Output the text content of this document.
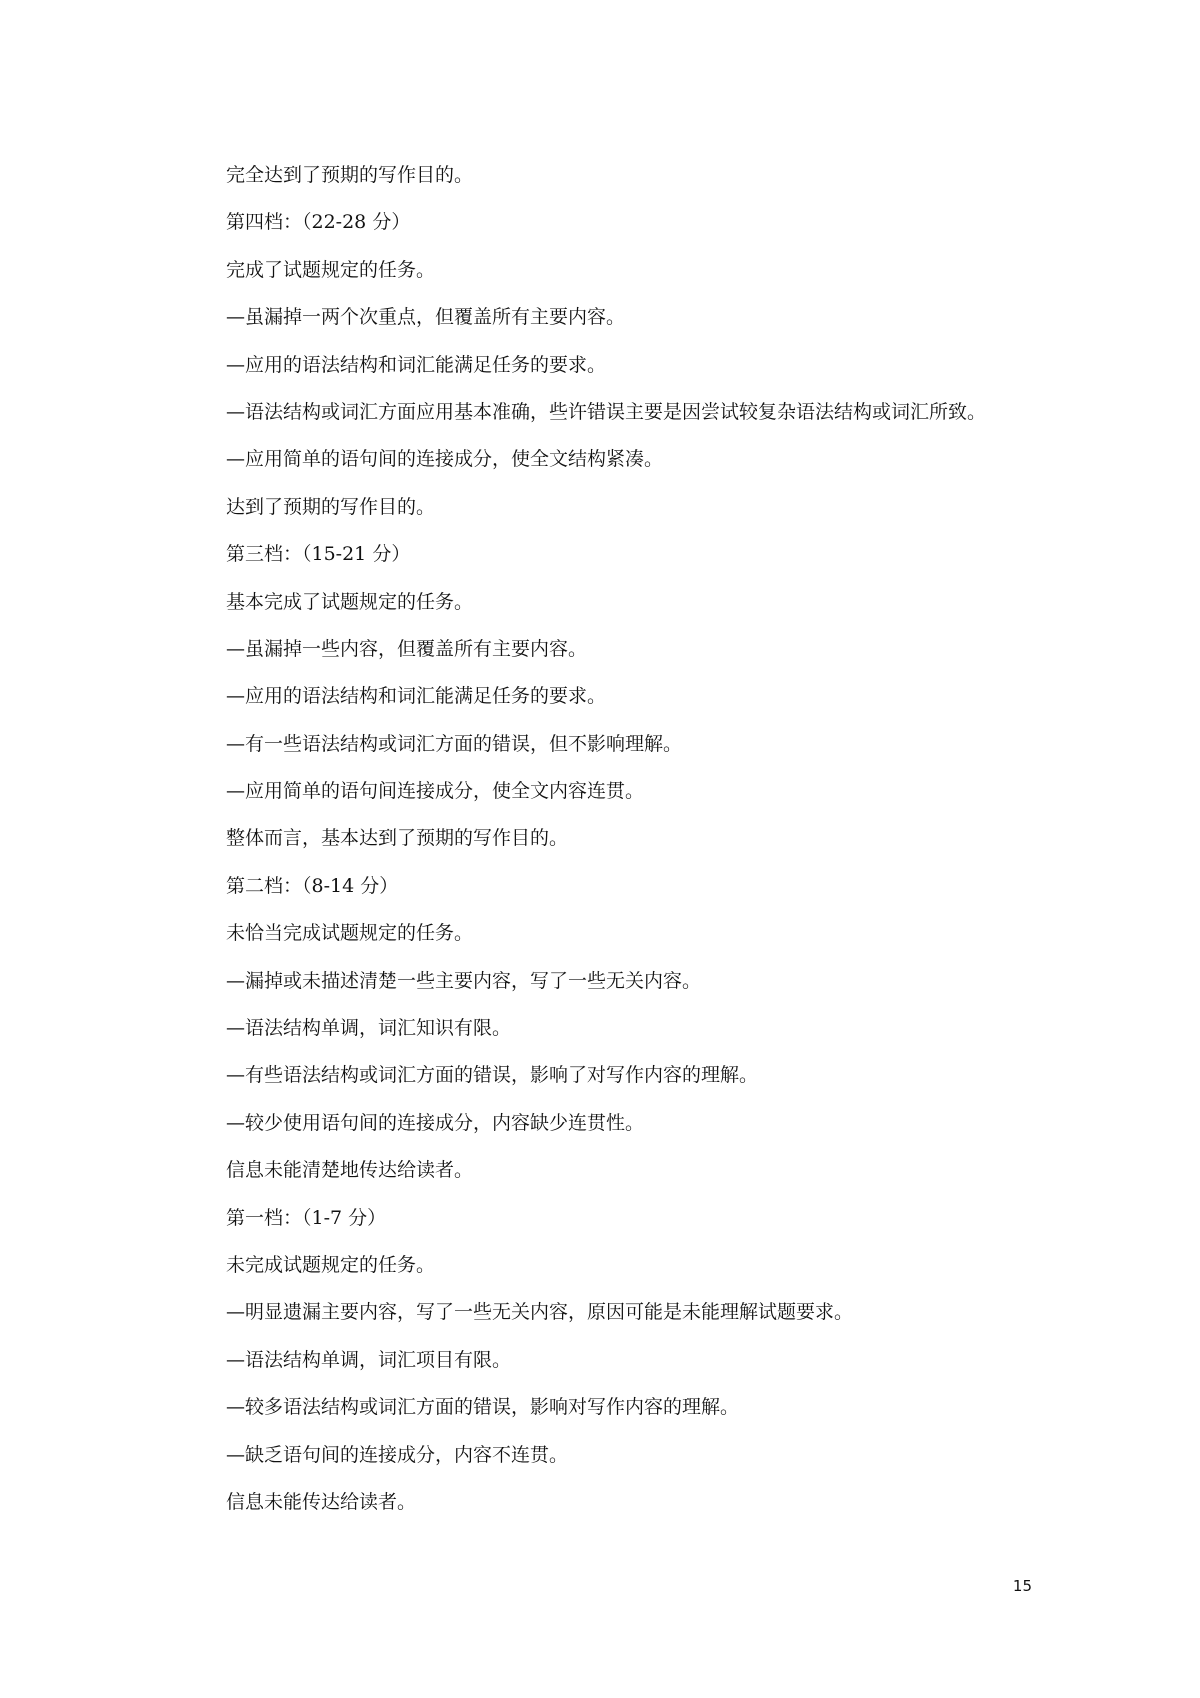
完全达到了预期的写作目的。
第四档：（22-28 分）
完成了试题规定的任务。
—虽漏掉一两个次重点，但覆盖所有主要内容。
—应用的语法结构和词汇能满足任务的要求。
—语法结构或词汇方面应用基本准确，些许错误主要是因尝试较复杂语法结构或词汇所致。
—应用简单的语句间的连接成分，使全文结构紧凑。
达到了预期的写作目的。
第三档：（15-21 分）
基本完成了试题规定的任务。
—虽漏掉一些内容，但覆盖所有主要内容。
—应用的语法结构和词汇能满足任务的要求。
—有一些语法结构或词汇方面的错误，但不影响理解。
—应用简单的语句间连接成分，使全文内容连贯。
整体而言，基本达到了预期的写作目的。
第二档：（8-14 分）
未恰当完成试题规定的任务。
—漏掉或未描述清楚一些主要内容，写了一些无关内容。
—语法结构单调，词汇知识有限。
—有些语法结构或词汇方面的错误，影响了对写作内容的理解。
—较少使用语句间的连接成分，内容缺少连贯性。
信息未能清楚地传达给读者。
第一档：（1-7 分）
未完成试题规定的任务。
—明显遗漏主要内容，写了一些无关内容，原因可能是未能理解试题要求。
—语法结构单调，词汇项目有限。
—较多语法结构或词汇方面的错误，影响对写作内容的理解。
—缺乏语句间的连接成分，内容不连贯。
信息未能传达给读者。
15
